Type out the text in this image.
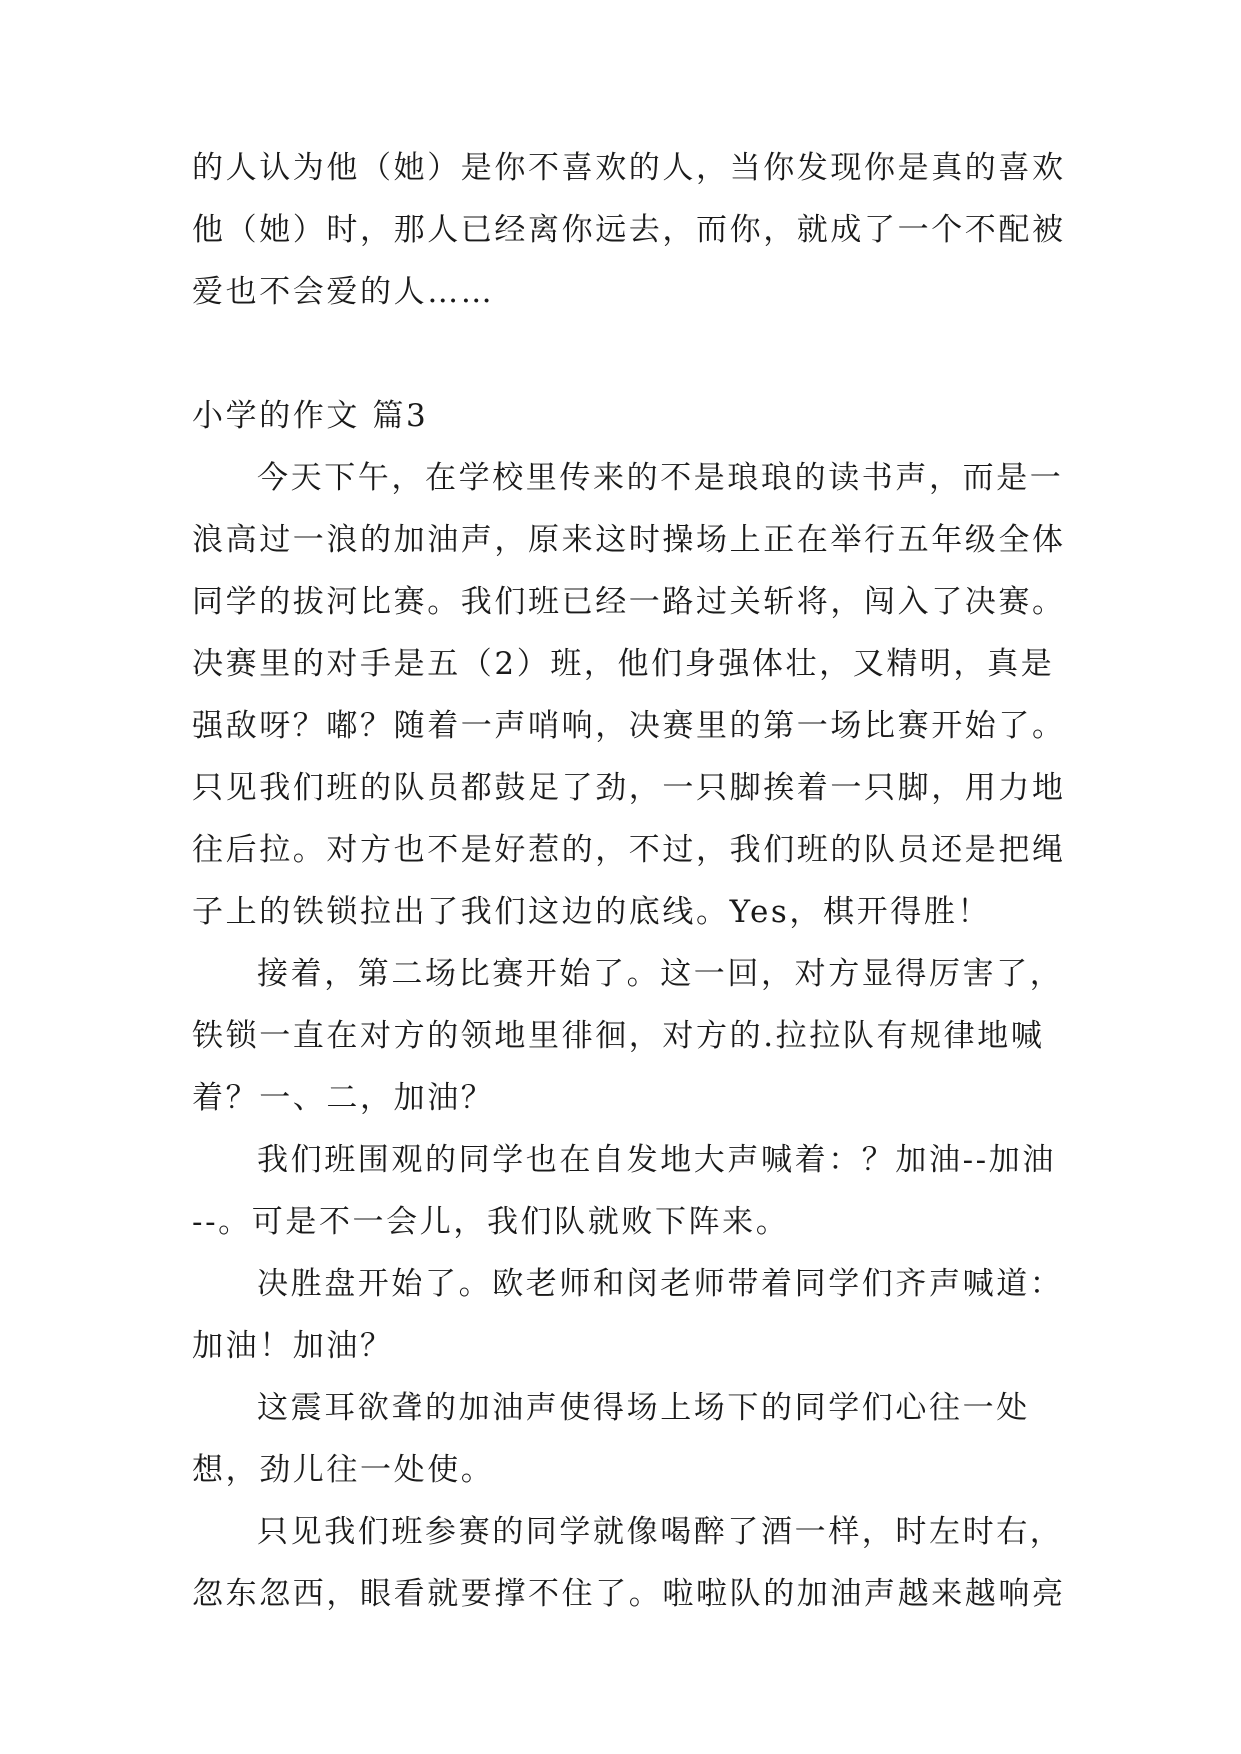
的人认为他（她）是你不喜欢的人，当你发现你是真的喜欢
他（她）时，那人已经离你远去，而你，就成了一个不配被
爱也不会爱的人……
小学的作文 篇3
今天下午，在学校里传来的不是琅琅的读书声，而是一
浪高过一浪的加油声，原来这时操场上正在举行五年级全体
同学的拔河比赛。我们班已经一路过关斩将，闯入了决赛。
决赛里的对手是五（2）班，他们身强体壮，又精明，真是
强敌呀？嘟？随着一声哨响，决赛里的第一场比赛开始了。
只见我们班的队员都鼓足了劲，一只脚挨着一只脚，用力地
往后拉。对方也不是好惹的，不过，我们班的队员还是把绳
子上的铁锁拉出了我们这边的底线。Yes，棋开得胜！
接着，第二场比赛开始了。这一回，对方显得厉害了，
铁锁一直在对方的领地里徘徊，对方的.拉拉队有规律地喊
着？一、二，加油？
我们班围观的同学也在自发地大声喊着：？加油--加油
--。可是不一会儿，我们队就败下阵来。
决胜盘开始了。欧老师和闵老师带着同学们齐声喊道：
加油！加油？
这震耳欲聋的加油声使得场上场下的同学们心往一处
想，劲儿往一处使。
只见我们班参赛的同学就像喝醉了酒一样，时左时右，
忽东忽西，眼看就要撑不住了。啦啦队的加油声越来越响亮
